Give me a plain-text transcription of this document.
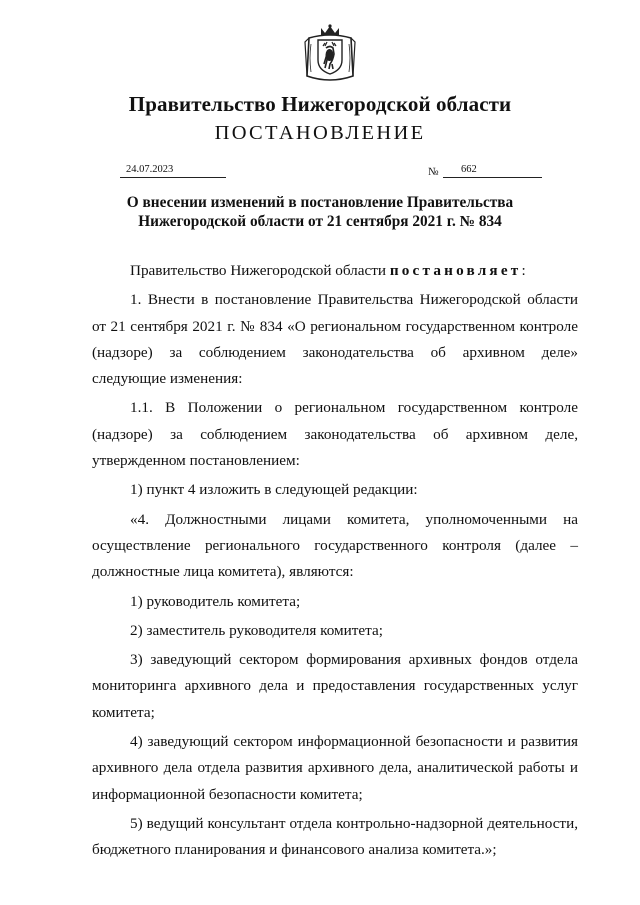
Правительство Нижегородской области
ПОСТАНОВЛЕНИЕ
24.07.2023	№	662
О внесении изменений в постановление Правительства
Нижегородской области от 21 сентября 2021 г. № 834

Правительство Нижегородской области постановляет:

1. Внести в постановление Правительства Нижегородской области от 21 сентября 2021 г. № 834 «О региональном государственном контроле (надзоре) за соблюдением законодательства об архивном деле» следующие изменения:

1.1. В Положении о региональном государственном контроле (надзоре) за соблюдением законодательства об архивном деле, утвержденном постановлением:

1) пункт 4 изложить в следующей редакции:

«4. Должностными лицами комитета, уполномоченными на осуществление регионального государственного контроля (далее – должностные лица комитета), являются:

1) руководитель комитета;

2) заместитель руководителя комитета;

3) заведующий сектором формирования архивных фондов отдела мониторинга архивного дела и предоставления государственных услуг комитета;

4) заведующий сектором информационной безопасности и развития архивного дела отдела развития архивного дела, аналитической работы и информационной безопасности комитета;

5) ведущий консультант отдела контрольно-надзорной деятельности, бюджетного планирования и финансового анализа комитета.»;
